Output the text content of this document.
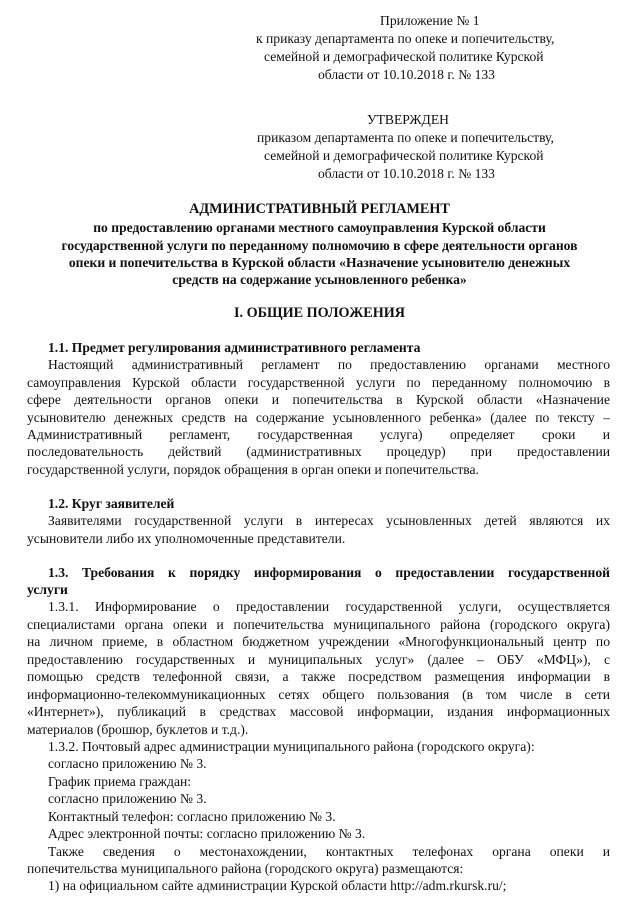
Приложение № 1
к приказу департамента по опеке и попечительству,
семейной и демографической политике Курской
области от 10.10.2018 г. № 133
УТВЕРЖДЕН
приказом департамента по опеке и попечительству,
семейной и демографической политике Курской
области от 10.10.2018 г. № 133
АДМИНИСТРАТИВНЫЙ РЕГЛАМЕНТ
по предоставлению органами местного самоуправления Курской области
государственной услуги по переданному полномочию в сфере деятельности органов
опеки и попечительства в Курской области «Назначение усыновителю денежных
средств на содержание усыновленного ребенка»
I. ОБЩИЕ ПОЛОЖЕНИЯ
1.1. Предмет регулирования административного регламента
Настоящий административный регламент по предоставлению органами местного
самоуправления Курской области государственной услуги по переданному полномочию в
сфере деятельности органов опеки и попечительства в Курской области «Назначение
усыновителю денежных средств на содержание усыновленного ребенка» (далее по тексту –
Административный регламент, государственная услуга) определяет сроки и
последовательность действий (административных процедур) при предоставлении
государственной услуги, порядок обращения в орган опеки и попечительства.
1.2. Круг заявителей
Заявителями государственной услуги в интересах усыновленных детей являются их
усыновители либо их уполномоченные представители.
1.3. Требования к порядку информирования о предоставлении государственной
услуги
1.3.1. Информирование о предоставлении государственной услуги, осуществляется
специалистами органа опеки и попечительства муниципального района (городского округа)
на личном приеме, в областном бюджетном учреждении «Многофункциональный центр по
предоставлению государственных и муниципальных услуг» (далее – ОБУ «МФЦ»), с
помощью средств телефонной связи, а также посредством размещения информации в
информационно-телекоммуникационных сетях общего пользования (в том числе в сети
«Интернет»), публикаций в средствах массовой информации, издания информационных
материалов (брошюр, буклетов и т.д.).
1.3.2. Почтовый адрес администрации муниципального района (городского округа):
согласно приложению № 3.
График приема граждан:
согласно приложению № 3.
Контактный телефон: согласно приложению № 3.
Адрес электронной почты: согласно приложению № 3.
Также сведения о местонахождении, контактных телефонах органа опеки и
попечительства муниципального района (городского округа) размещаются:
1) на официальном сайте администрации Курской области http://adm.rkursk.ru/;
